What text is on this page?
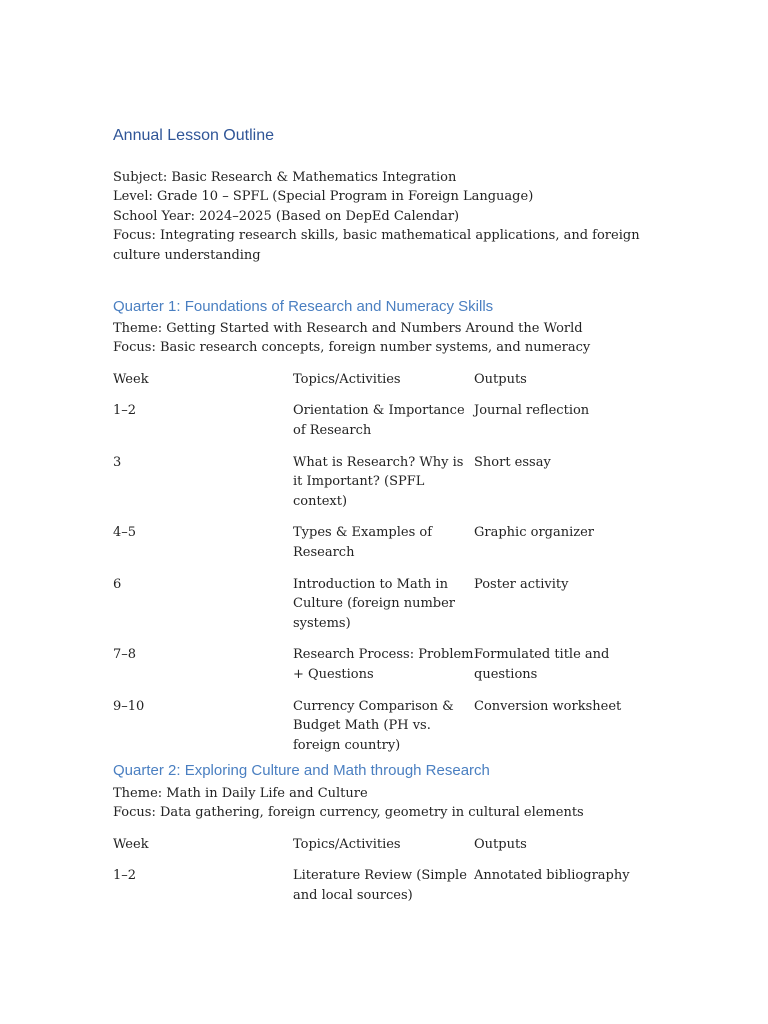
Annual Lesson Outline
Subject: Basic Research & Mathematics Integration
Level: Grade 10 – SPFL (Special Program in Foreign Language)
School Year: 2024–2025 (Based on DepEd Calendar)
Focus: Integrating research skills, basic mathematical applications, and foreign culture understanding
Quarter 1: Foundations of Research and Numeracy Skills
Theme: Getting Started with Research and Numbers Around the World
Focus: Basic research concepts, foreign number systems, and numeracy
Week	Topics/Activities	Outputs
1–2	Orientation & Importance of Research	Journal reflection
3	What is Research? Why is it Important? (SPFL context)	Short essay
4–5	Types & Examples of Research	Graphic organizer
6	Introduction to Math in Culture (foreign number systems)	Poster activity
7–8	Research Process: Problem + Questions	Formulated title and questions
9–10	Currency Comparison & Budget Math (PH vs. foreign country)	Conversion worksheet
Quarter 2: Exploring Culture and Math through Research
Theme: Math in Daily Life and Culture
Focus: Data gathering, foreign currency, geometry in cultural elements
Week	Topics/Activities	Outputs
1–2	Literature Review (Simple and local sources)	Annotated bibliography
